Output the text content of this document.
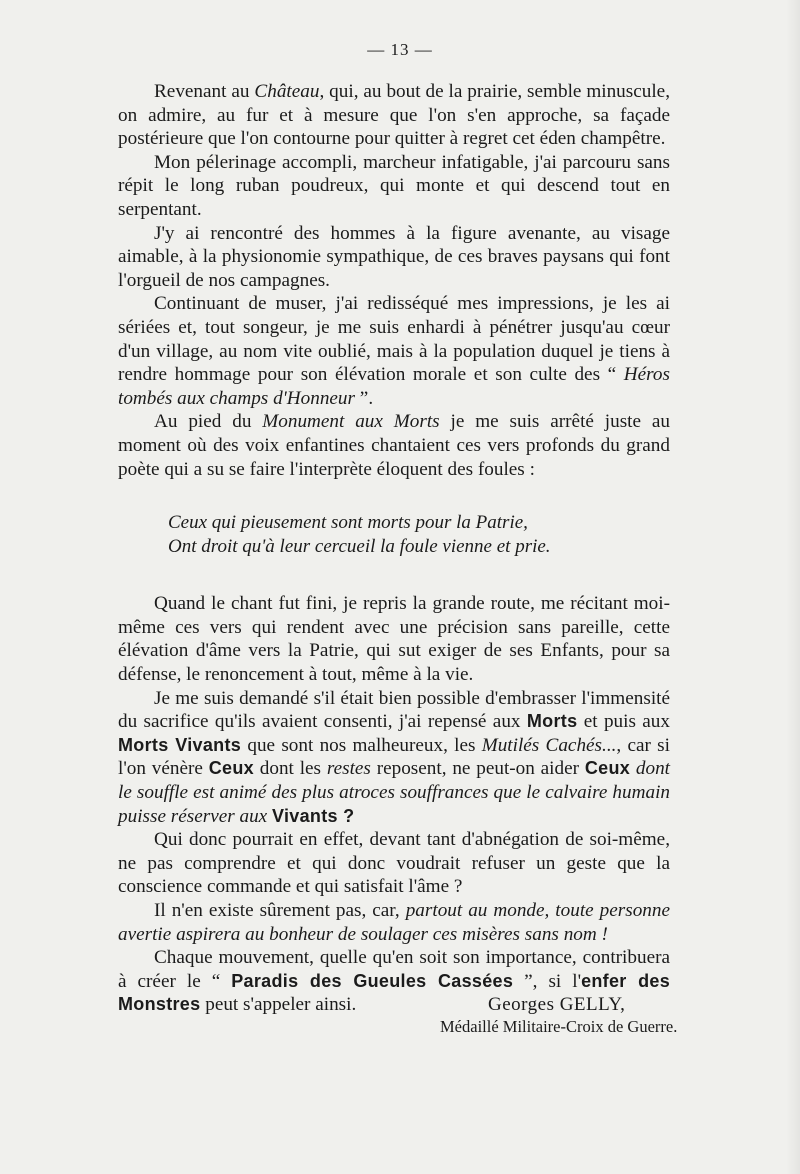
— 13 —

Revenant au Château, qui, au bout de la prairie, semble minuscule, on admire, au fur et à mesure que l'on s'en approche, sa façade postérieure que l'on contourne pour quitter à regret cet éden champêtre.

Mon pélerinage accompli, marcheur infatigable, j'ai parcouru sans répit le long ruban poudreux, qui monte et qui descend tout en serpentant.

J'y ai rencontré des hommes à la figure avenante, au visage aimable, à la physionomie sympathique, de ces braves paysans qui font l'orgueil de nos campagnes.

Continuant de muser, j'ai redisséqué mes impressions, je les ai sériées et, tout songeur, je me suis enhardi à pénétrer jusqu'au cœur d'un village, au nom vite oublié, mais à la population duquel je tiens à rendre hommage pour son élévation morale et son culte des “ Héros tombés aux champs d'Honneur ”.

Au pied du Monument aux Morts je me suis arrêté juste au moment où des voix enfantines chantaient ces vers profonds du grand poète qui a su se faire l'interprète éloquent des foules :

Ceux qui pieusement sont morts pour la Patrie,
Ont droit qu'à leur cercueil la foule vienne et prie.

Quand le chant fut fini, je repris la grande route, me récitant moi-même ces vers qui rendent avec une précision sans pareille, cette élévation d'âme vers la Patrie, qui sut exiger de ses Enfants, pour sa défense, le renoncement à tout, même à la vie.

Je me suis demandé s'il était bien possible d'embrasser l'immensité du sacrifice qu'ils avaient consenti, j'ai repensé aux Morts et puis aux Morts Vivants que sont nos malheureux, les Mutilés Cachés..., car si l'on vénère Ceux dont les restes reposent, ne peut-on aider Ceux dont le souffle est animé des plus atroces souffrances que le calvaire humain puisse réserver aux Vivants ?

Qui donc pourrait en effet, devant tant d'abnégation de soi-même, ne pas comprendre et qui donc voudrait refuser un geste que la conscience commande et qui satisfait l'âme ?

Il n'en existe sûrement pas, car, partout au monde, toute personne avertie aspirera au bonheur de soulager ces misères sans nom !

Chaque mouvement, quelle qu'en soit son importance, contribuera à créer le “ Paradis des Gueules Cassées ”, si l'enfer des Monstres peut s'appeler ainsi.	Georges GELLY,
Médaillé Militaire-Croix de Guerre.
